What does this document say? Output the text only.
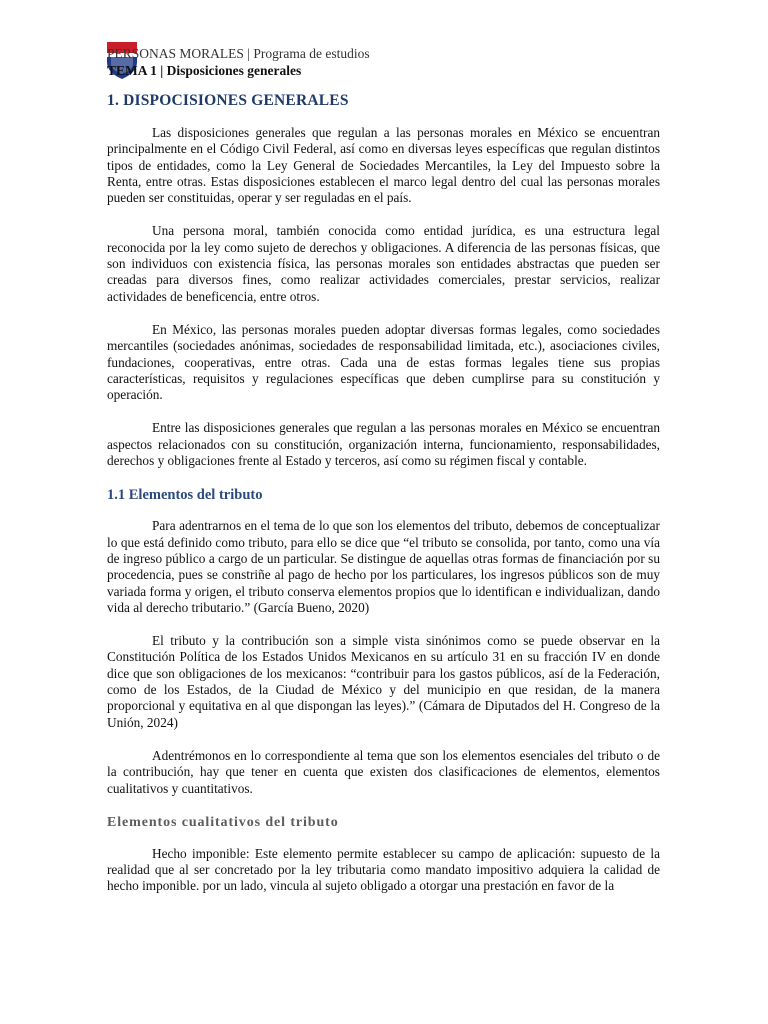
PERSONAS MORALES | Programa de estudios
TEMA 1 | Disposiciones generales
1. DISPOCISIONES GENERALES

Las disposiciones generales que regulan a las personas morales en México se encuentran principalmente en el Código Civil Federal, así como en diversas leyes específicas que regulan distintos tipos de entidades, como la Ley General de Sociedades Mercantiles, la Ley del Impuesto sobre la Renta, entre otras. Estas disposiciones establecen el marco legal dentro del cual las personas morales pueden ser constituidas, operar y ser reguladas en el país.

Una persona moral, también conocida como entidad jurídica, es una estructura legal reconocida por la ley como sujeto de derechos y obligaciones. A diferencia de las personas físicas, que son individuos con existencia física, las personas morales son entidades abstractas que pueden ser creadas para diversos fines, como realizar actividades comerciales, prestar servicios, realizar actividades de beneficencia, entre otros.

En México, las personas morales pueden adoptar diversas formas legales, como sociedades mercantiles (sociedades anónimas, sociedades de responsabilidad limitada, etc.), asociaciones civiles, fundaciones, cooperativas, entre otras. Cada una de estas formas legales tiene sus propias características, requisitos y regulaciones específicas que deben cumplirse para su constitución y operación.

Entre las disposiciones generales que regulan a las personas morales en México se encuentran aspectos relacionados con su constitución, organización interna, funcionamiento, responsabilidades, derechos y obligaciones frente al Estado y terceros, así como su régimen fiscal y contable.

1.1 Elementos del tributo

Para adentrarnos en el tema de lo que son los elementos del tributo, debemos de conceptualizar lo que está definido como tributo, para ello se dice que “el tributo se consolida, por tanto, como una vía de ingreso público a cargo de un particular. Se distingue de aquellas otras formas de financiación por su procedencia, pues se constriñe al pago de hecho por los particulares, los ingresos públicos son de muy variada forma y origen, el tributo conserva elementos propios que lo identifican e individualizan, dando vida al derecho tributario.” (García Bueno, 2020)

El tributo y la contribución son a simple vista sinónimos como se puede observar en la Constitución Política de los Estados Unidos Mexicanos en su artículo 31 en su fracción IV en donde dice que son obligaciones de los mexicanos: “contribuir para los gastos públicos, así de la Federación, como de los Estados, de la Ciudad de México y del municipio en que residan, de la manera proporcional y equitativa en al que dispongan las leyes).” (Cámara de Diputados del H. Congreso de la Unión, 2024)

Adentrémonos en lo correspondiente al tema que son los elementos esenciales del tributo o de la contribución, hay que tener en cuenta que existen dos clasificaciones de elementos, elementos cualitativos y cuantitativos.

Elementos cualitativos del tributo

Hecho imponible: Este elemento permite establecer su campo de aplicación: supuesto de la realidad que al ser concretado por la ley tributaria como mandato impositivo adquiera la calidad de hecho imponible. por un lado, vincula al sujeto obligado a otorgar una prestación en favor de la
